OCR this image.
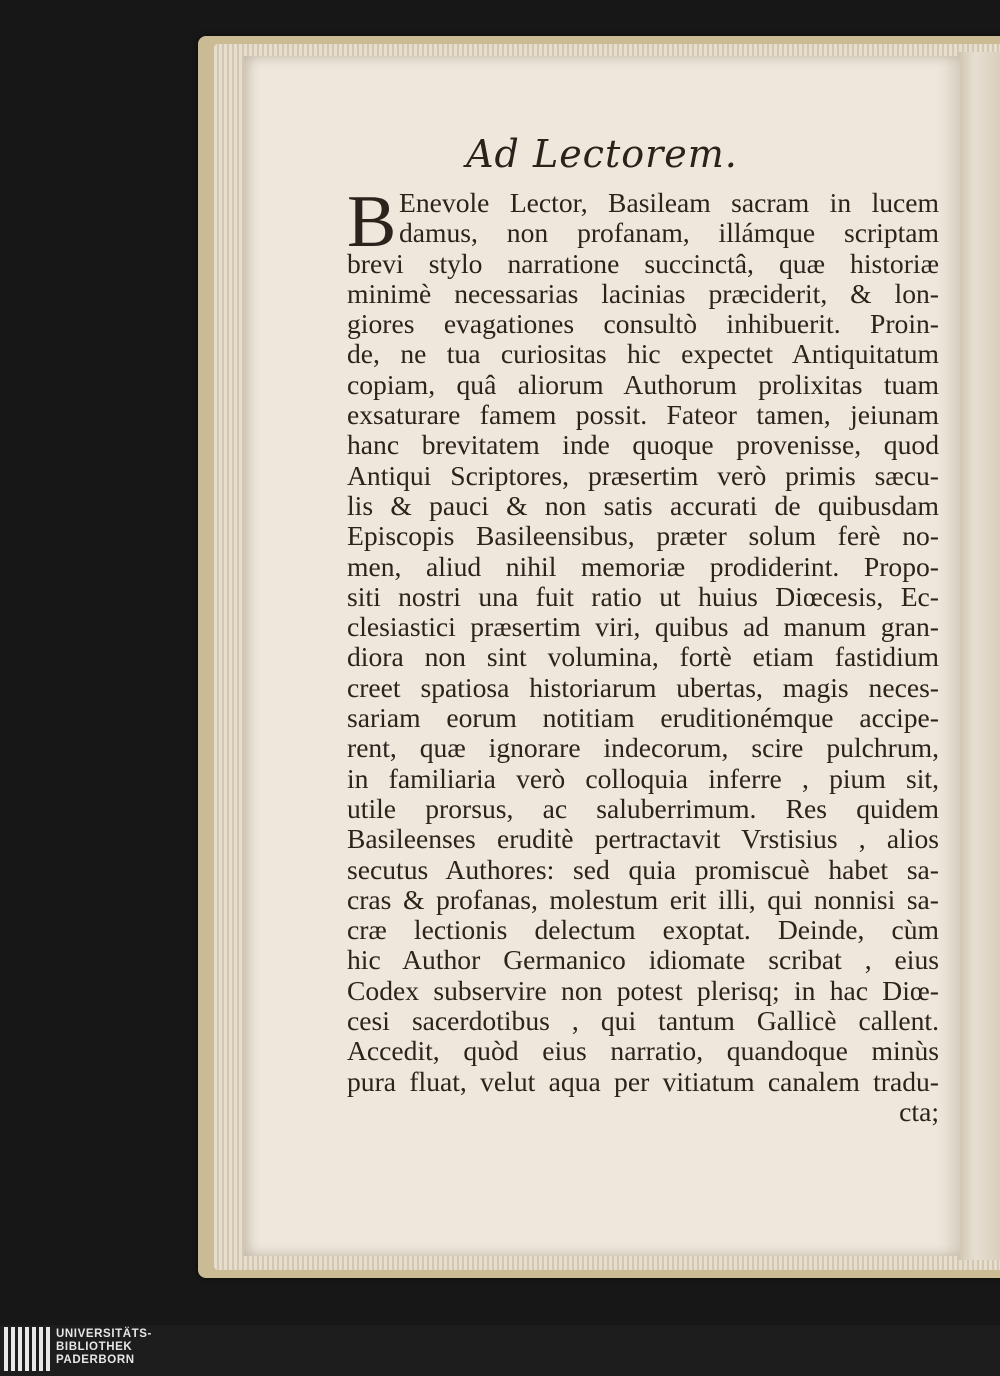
Ad Lectorem.
Enevole Lector, Basileam sacram in lucem
damus, non profanam, illámque scriptam
brevi stylo narratione succinctâ, quæ historiæ
minimè necessarias lacinias præciderit, & lon-
giores evagationes consultò inhibuerit. Proin-
de, ne tua curiositas hic expectet Antiquitatum
copiam, quâ aliorum Authorum prolixitas tuam
exsaturare famem possit. Fateor tamen, jeiunam
hanc brevitatem inde quoque provenisse, quod
Antiqui Scriptores, præsertim verò primis sæcu-
lis & pauci & non satis accurati de quibusdam
Episcopis Basileensibus, præter solum ferè no-
men, aliud nihil memoriæ prodiderint. Propo-
siti nostri una fuit ratio ut huius Diœcesis, Ec-
clesiastici præsertim viri, quibus ad manum gran-
diora non sint volumina, fortè etiam fastidium
creet spatiosa historiarum ubertas, magis neces-
sariam eorum notitiam eruditionémque accipe-
rent, quæ ignorare indecorum, scire pulchrum,
in familiaria verò colloquia inferre , pium sit,
utile prorsus, ac saluberrimum. Res quidem
Basileenses eruditè pertractavit Vrstisius , alios
secutus Authores: sed quia promiscuè habet sa-
cras & profanas, molestum erit illi, qui nonnisi sa-
cræ lectionis delectum exoptat. Deinde, cùm
hic Author Germanico idiomate scribat , eius
Codex subservire non potest plerisq; in hac Diœ-
cesi sacerdotibus , qui tantum Gallicè callent.
Accedit, quòd eius narratio, quandoque minùs
pura fluat, velut aqua per vitiatum canalem tradu-
cta;
B
UNIVERSITÄTS-
BIBLIOTHEK
PADERBORN
